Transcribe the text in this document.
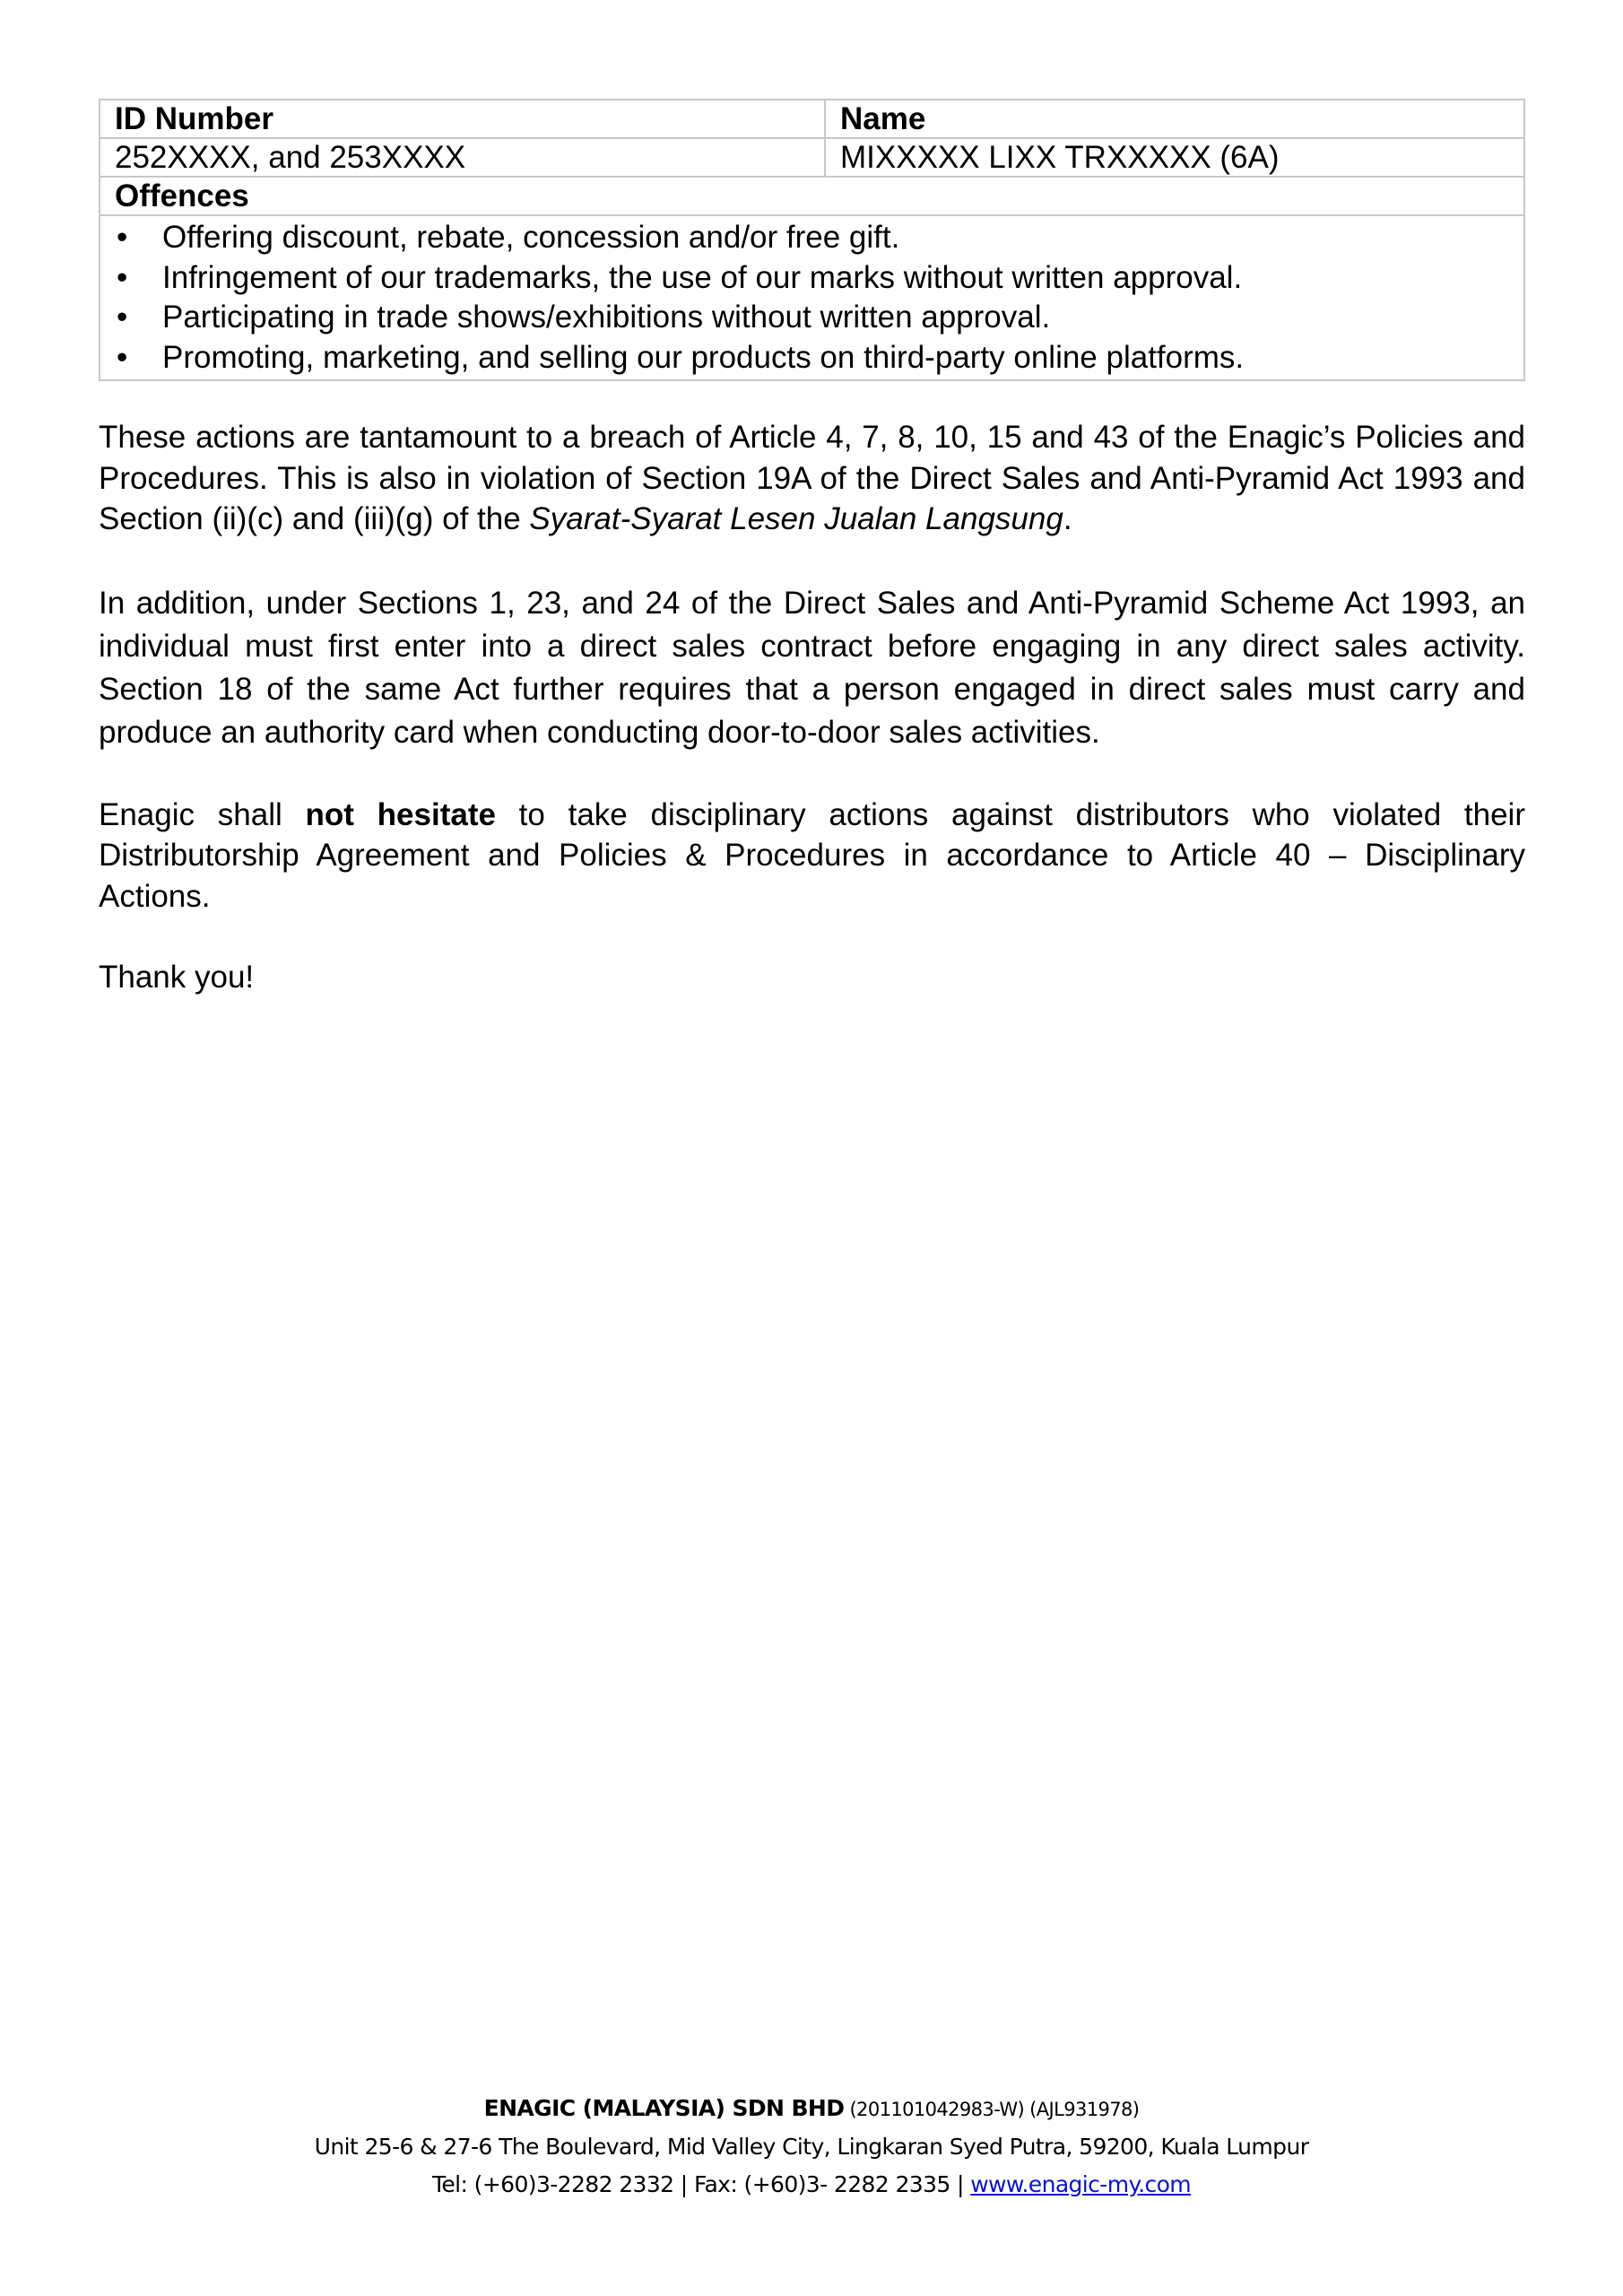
ID Number	Name
252XXXX, and 253XXXX	MIXXXXX LIXX TRXXXXX (6A)
Offences	

•	Offering discount, rebate, concession and/or free gift.
•	Infringement of our trademarks, the use of our marks without written approval.
•	Participating in trade shows/exhibitions without written approval.
•	Promoting, marketing, and selling our products on third-party online platforms.

These actions are tantamount to a breach of Article 4, 7, 8, 10, 15 and 43 of the Enagic’s Policies and Procedures. This is also in violation of Section 19A of the Direct Sales and Anti-Pyramid Act 1993 and Section (ii)(c) and (iii)(g) of the Syarat-Syarat Lesen Jualan Langsung.

In addition, under Sections 1, 23, and 24 of the Direct Sales and Anti-Pyramid Scheme Act 1993, an individual must first enter into a direct sales contract before engaging in any direct sales activity. Section 18 of the same Act further requires that a person engaged in direct sales must carry and produce an authority card when conducting door-to-door sales activities.

Enagic shall not hesitate to take disciplinary actions against distributors who violated their Distributorship Agreement and Policies & Procedures in accordance to Article 40 – Disciplinary Actions.

Thank you!

ENAGIC (MALAYSIA) SDN BHD (201101042983-W) (AJL931978)
Unit 25-6 & 27-6 The Boulevard, Mid Valley City, Lingkaran Syed Putra, 59200, Kuala Lumpur
Tel: (+60)3-2282 2332 | Fax: (+60)3- 2282 2335 | www.enagic-my.com
